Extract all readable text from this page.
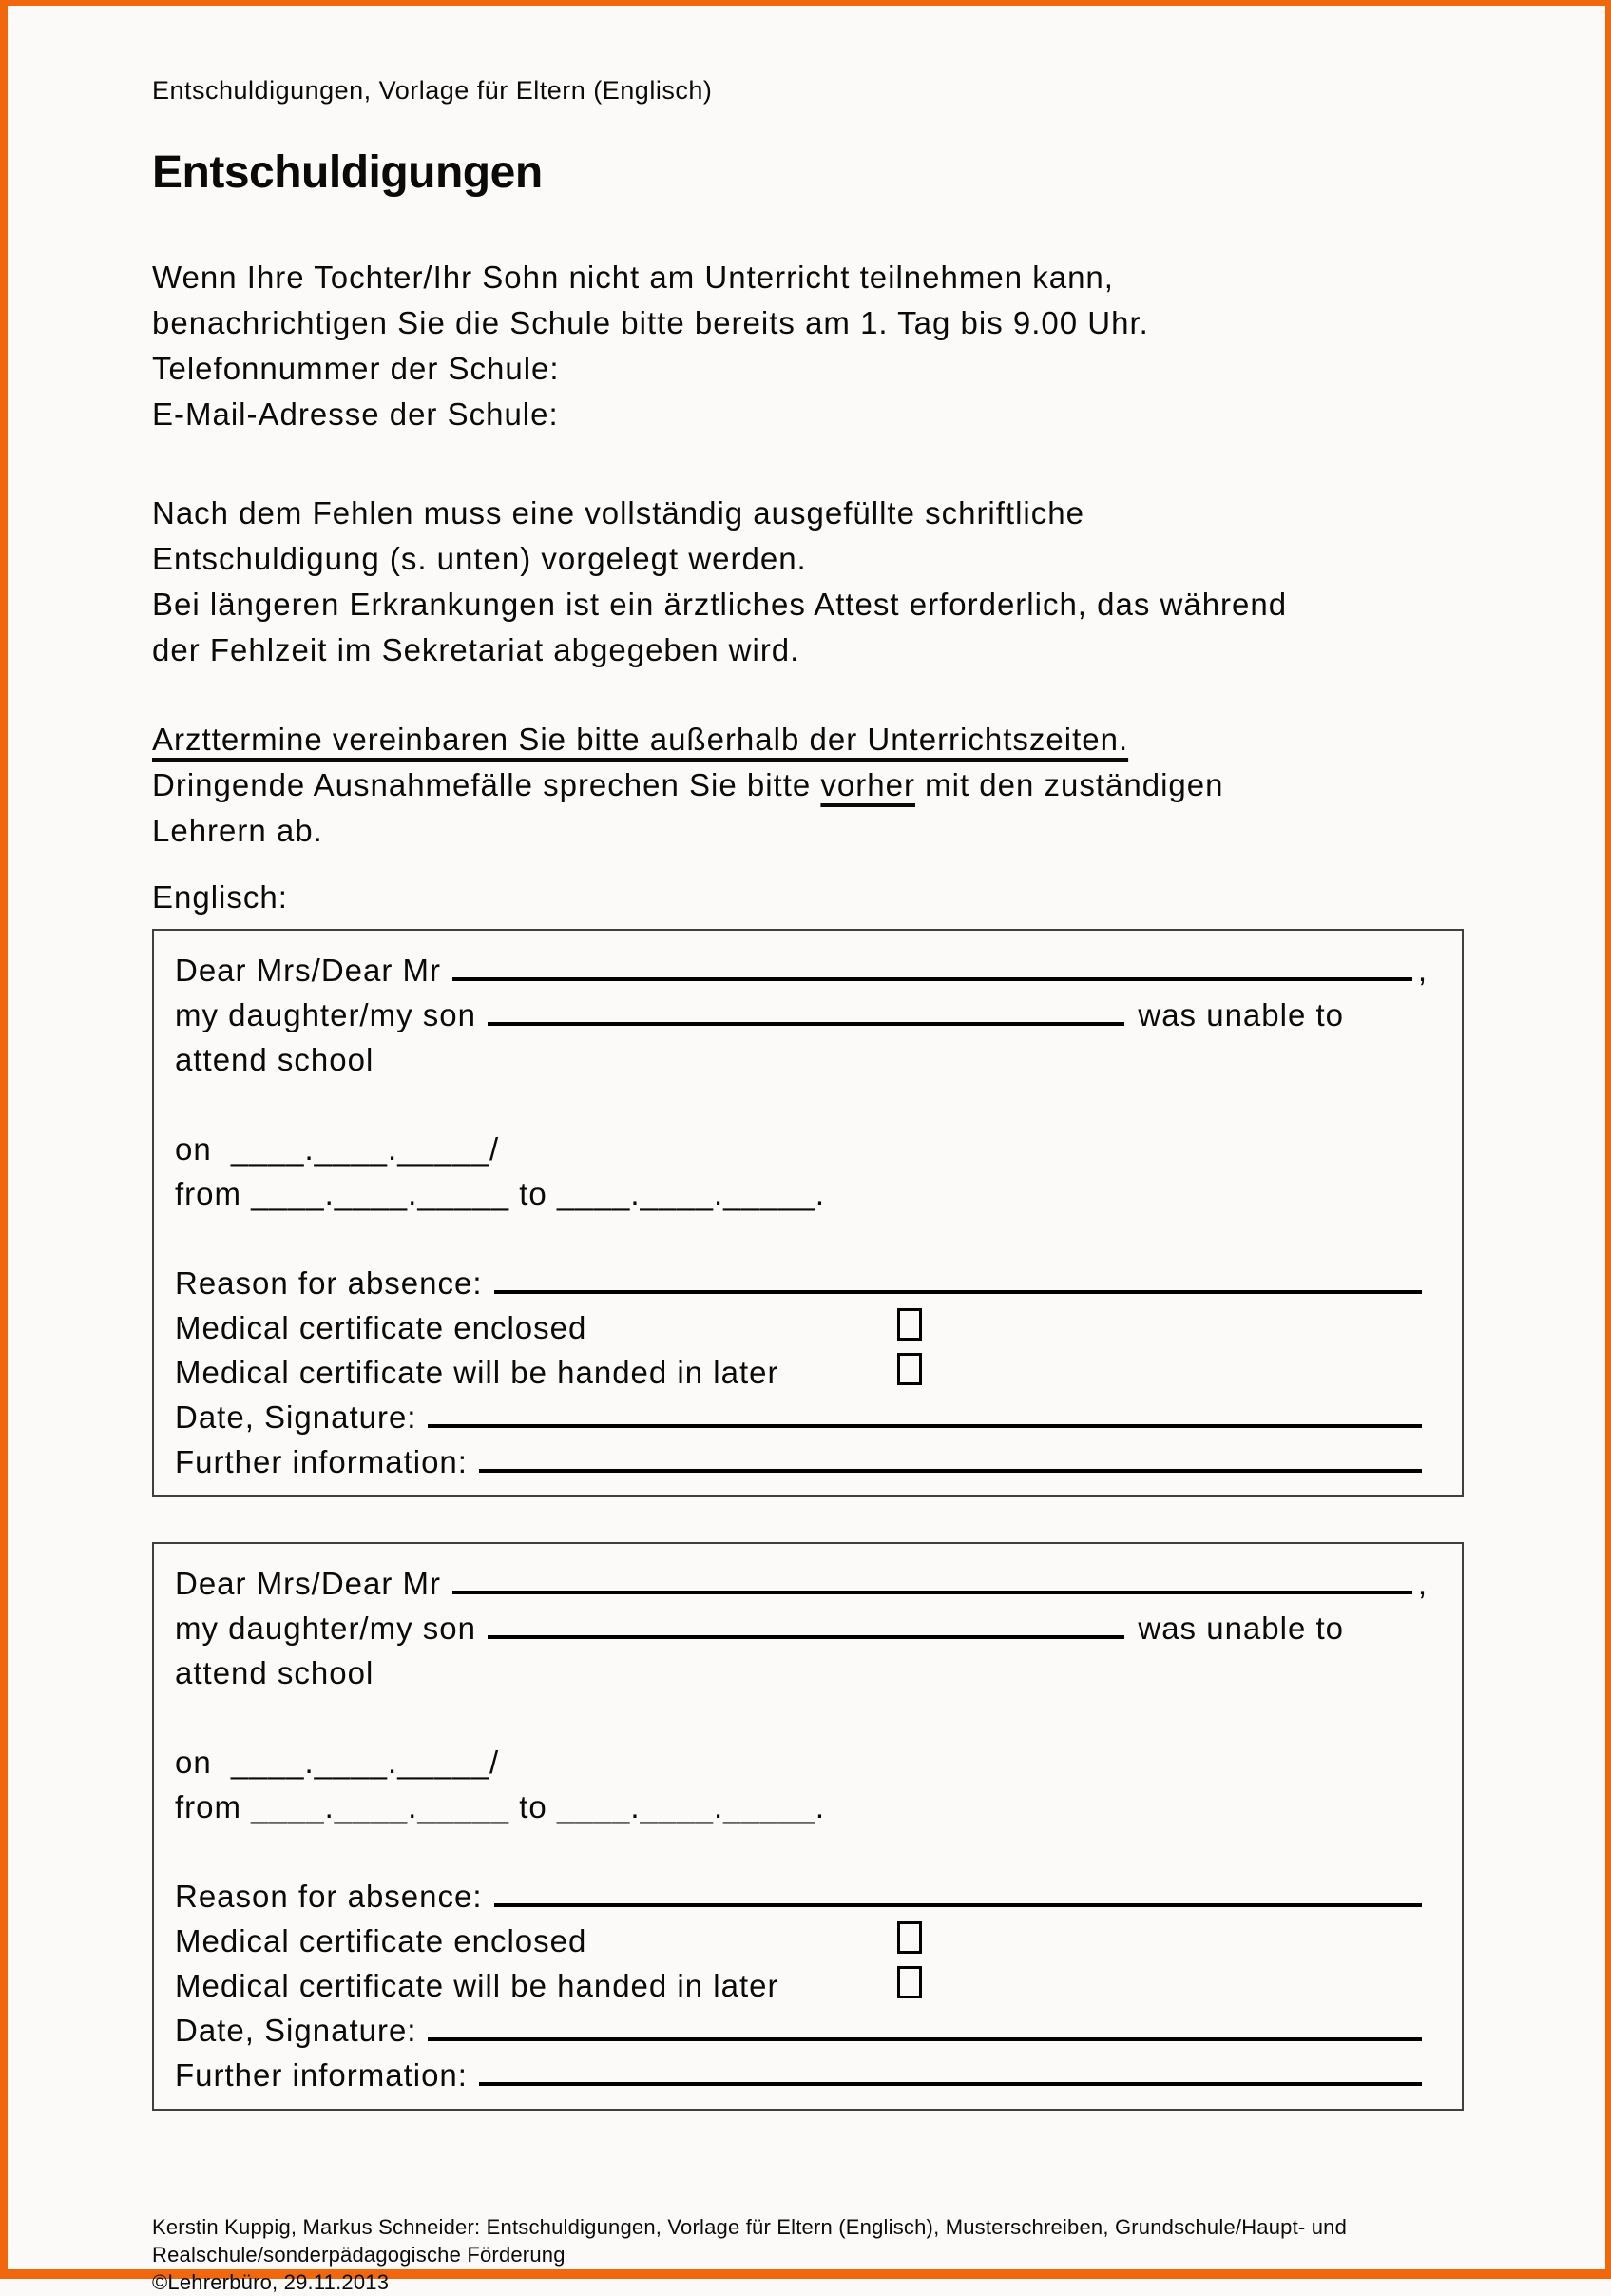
Entschuldigungen, Vorlage für Eltern (Englisch)
Entschuldigungen
Wenn Ihre Tochter/Ihr Sohn nicht am Unterricht teilnehmen kann,
benachrichtigen Sie die Schule bitte bereits am 1. Tag bis 9.00 Uhr.
Telefonnummer der Schule:
E-Mail-Adresse der Schule:
Nach dem Fehlen muss eine vollständig ausgefüllte schriftliche
Entschuldigung (s. unten) vorgelegt werden.
Bei längeren Erkrankungen ist ein ärztliches Attest erforderlich, das während
der Fehlzeit im Sekretariat abgegeben wird.
Arzttermine vereinbaren Sie bitte außerhalb der Unterrichtszeiten.
Dringende Ausnahmefälle sprechen Sie bitte vorher mit den zuständigen
Lehrern ab.
Englisch:
Dear Mrs/Dear Mr	,
my daughter/my son	was unable to
attend school
on  ____.____._____/
from ____.____._____ to ____.____._____.
Reason for absence:
Medical certificate enclosed
Medical certificate will be handed in later
Date, Signature:
Further information:
Dear Mrs/Dear Mr	,
my daughter/my son	was unable to
attend school
on  ____.____._____/
from ____.____._____ to ____.____._____.
Reason for absence:
Medical certificate enclosed
Medical certificate will be handed in later
Date, Signature:
Further information:
Kerstin Kuppig, Markus Schneider: Entschuldigungen, Vorlage für Eltern (Englisch), Musterschreiben, Grundschule/Haupt- und
Realschule/sonderpädagogische Förderung
©Lehrerbüro, 29.11.2013
